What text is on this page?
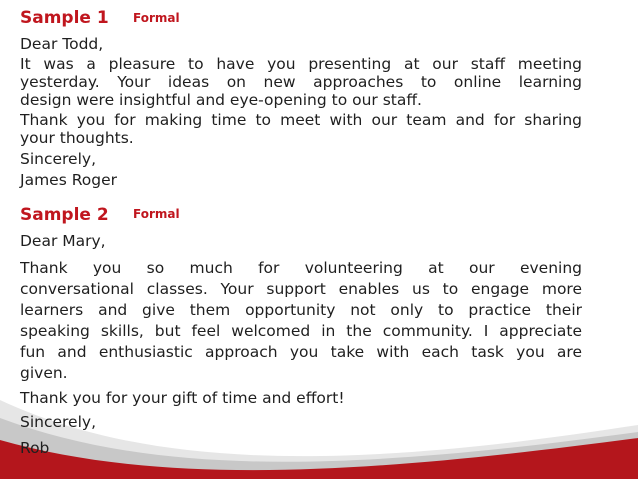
Sample 1 Formal
Dear Todd,
It was a pleasure to have you presenting at our staff meeting
yesterday. Your ideas on new approaches to online learning
design were insightful and eye-opening to our staff.
Thank you for making time to meet with our team and for sharing
your thoughts.
Sincerely,
James Roger
Sample 2 Formal
Dear Mary,
Thank you so much for volunteering at our evening
conversational classes. Your support enables us to engage more
learners and give them opportunity not only to practice their
speaking skills, but feel welcomed in the community. I appreciate
fun and enthusiastic approach you take with each task you are
given.
Thank you for your gift of time and effort!
Sincerely,
Rob
